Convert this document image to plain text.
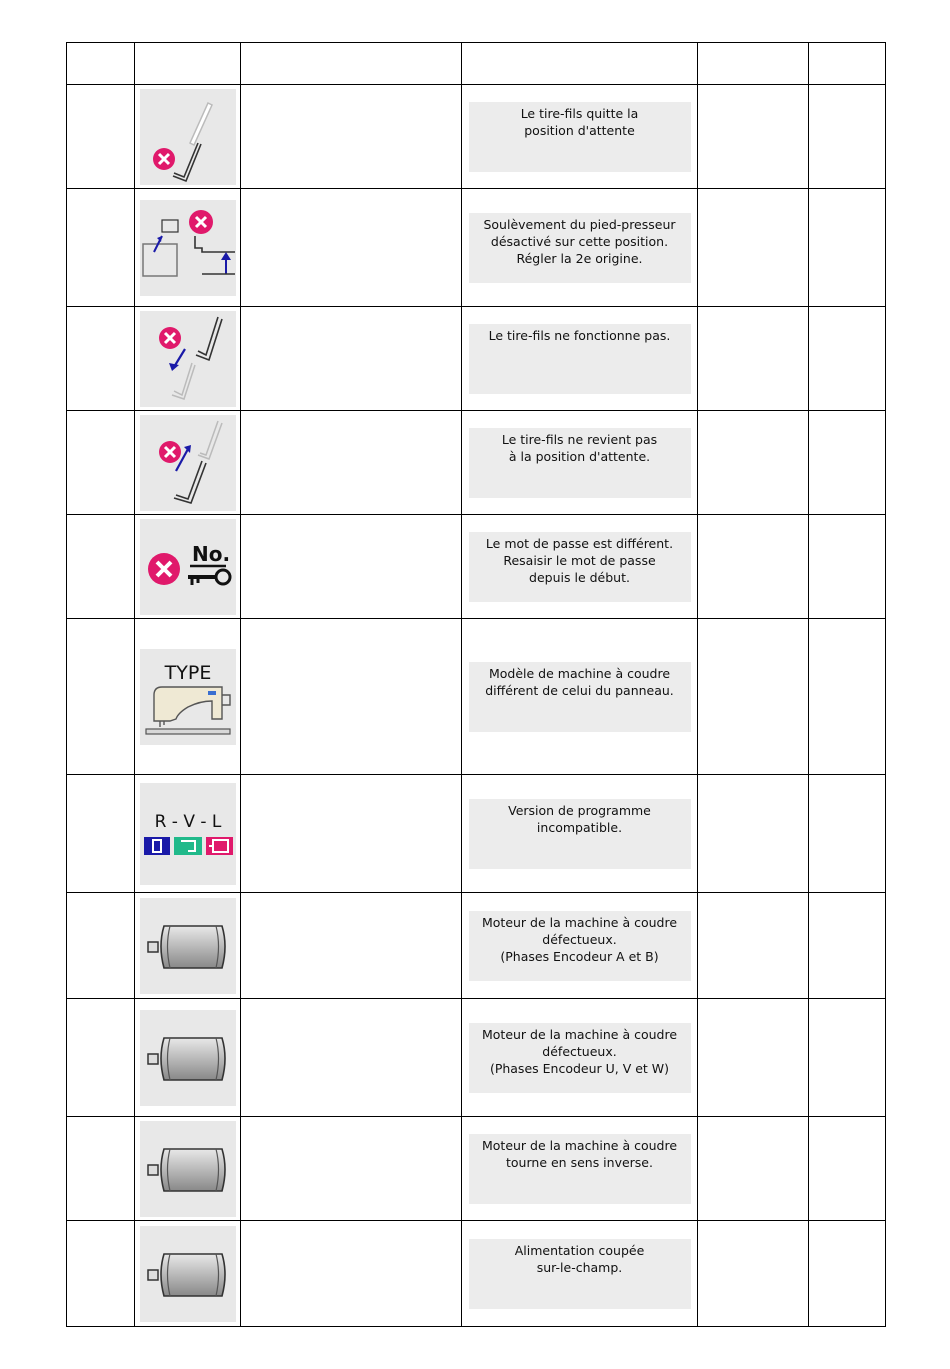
Le tire-fils quitte la
position d'attente		

Soulèvement du pied-presseur
désactivé sur cette position.
Régler la 2e origine.		

Le tire-fils ne fonctionne pas.		

Le tire-fils ne revient pas
à la position d'attente.		

No.		Le mot de passe est différent.
Resaisir le mot de passe
depuis le début.		

TYPE		Modèle de machine à coudre
différent de celui du panneau.		

R - V - L		Version de programme
incompatible.		

Moteur de la machine à coudre
défectueux.
(Phases Encodeur A et B)		

Moteur de la machine à coudre
défectueux.
(Phases Encodeur U, V et W)		

Moteur de la machine à coudre
tourne en sens inverse.		

Alimentation coupée
sur-le-champ.		
